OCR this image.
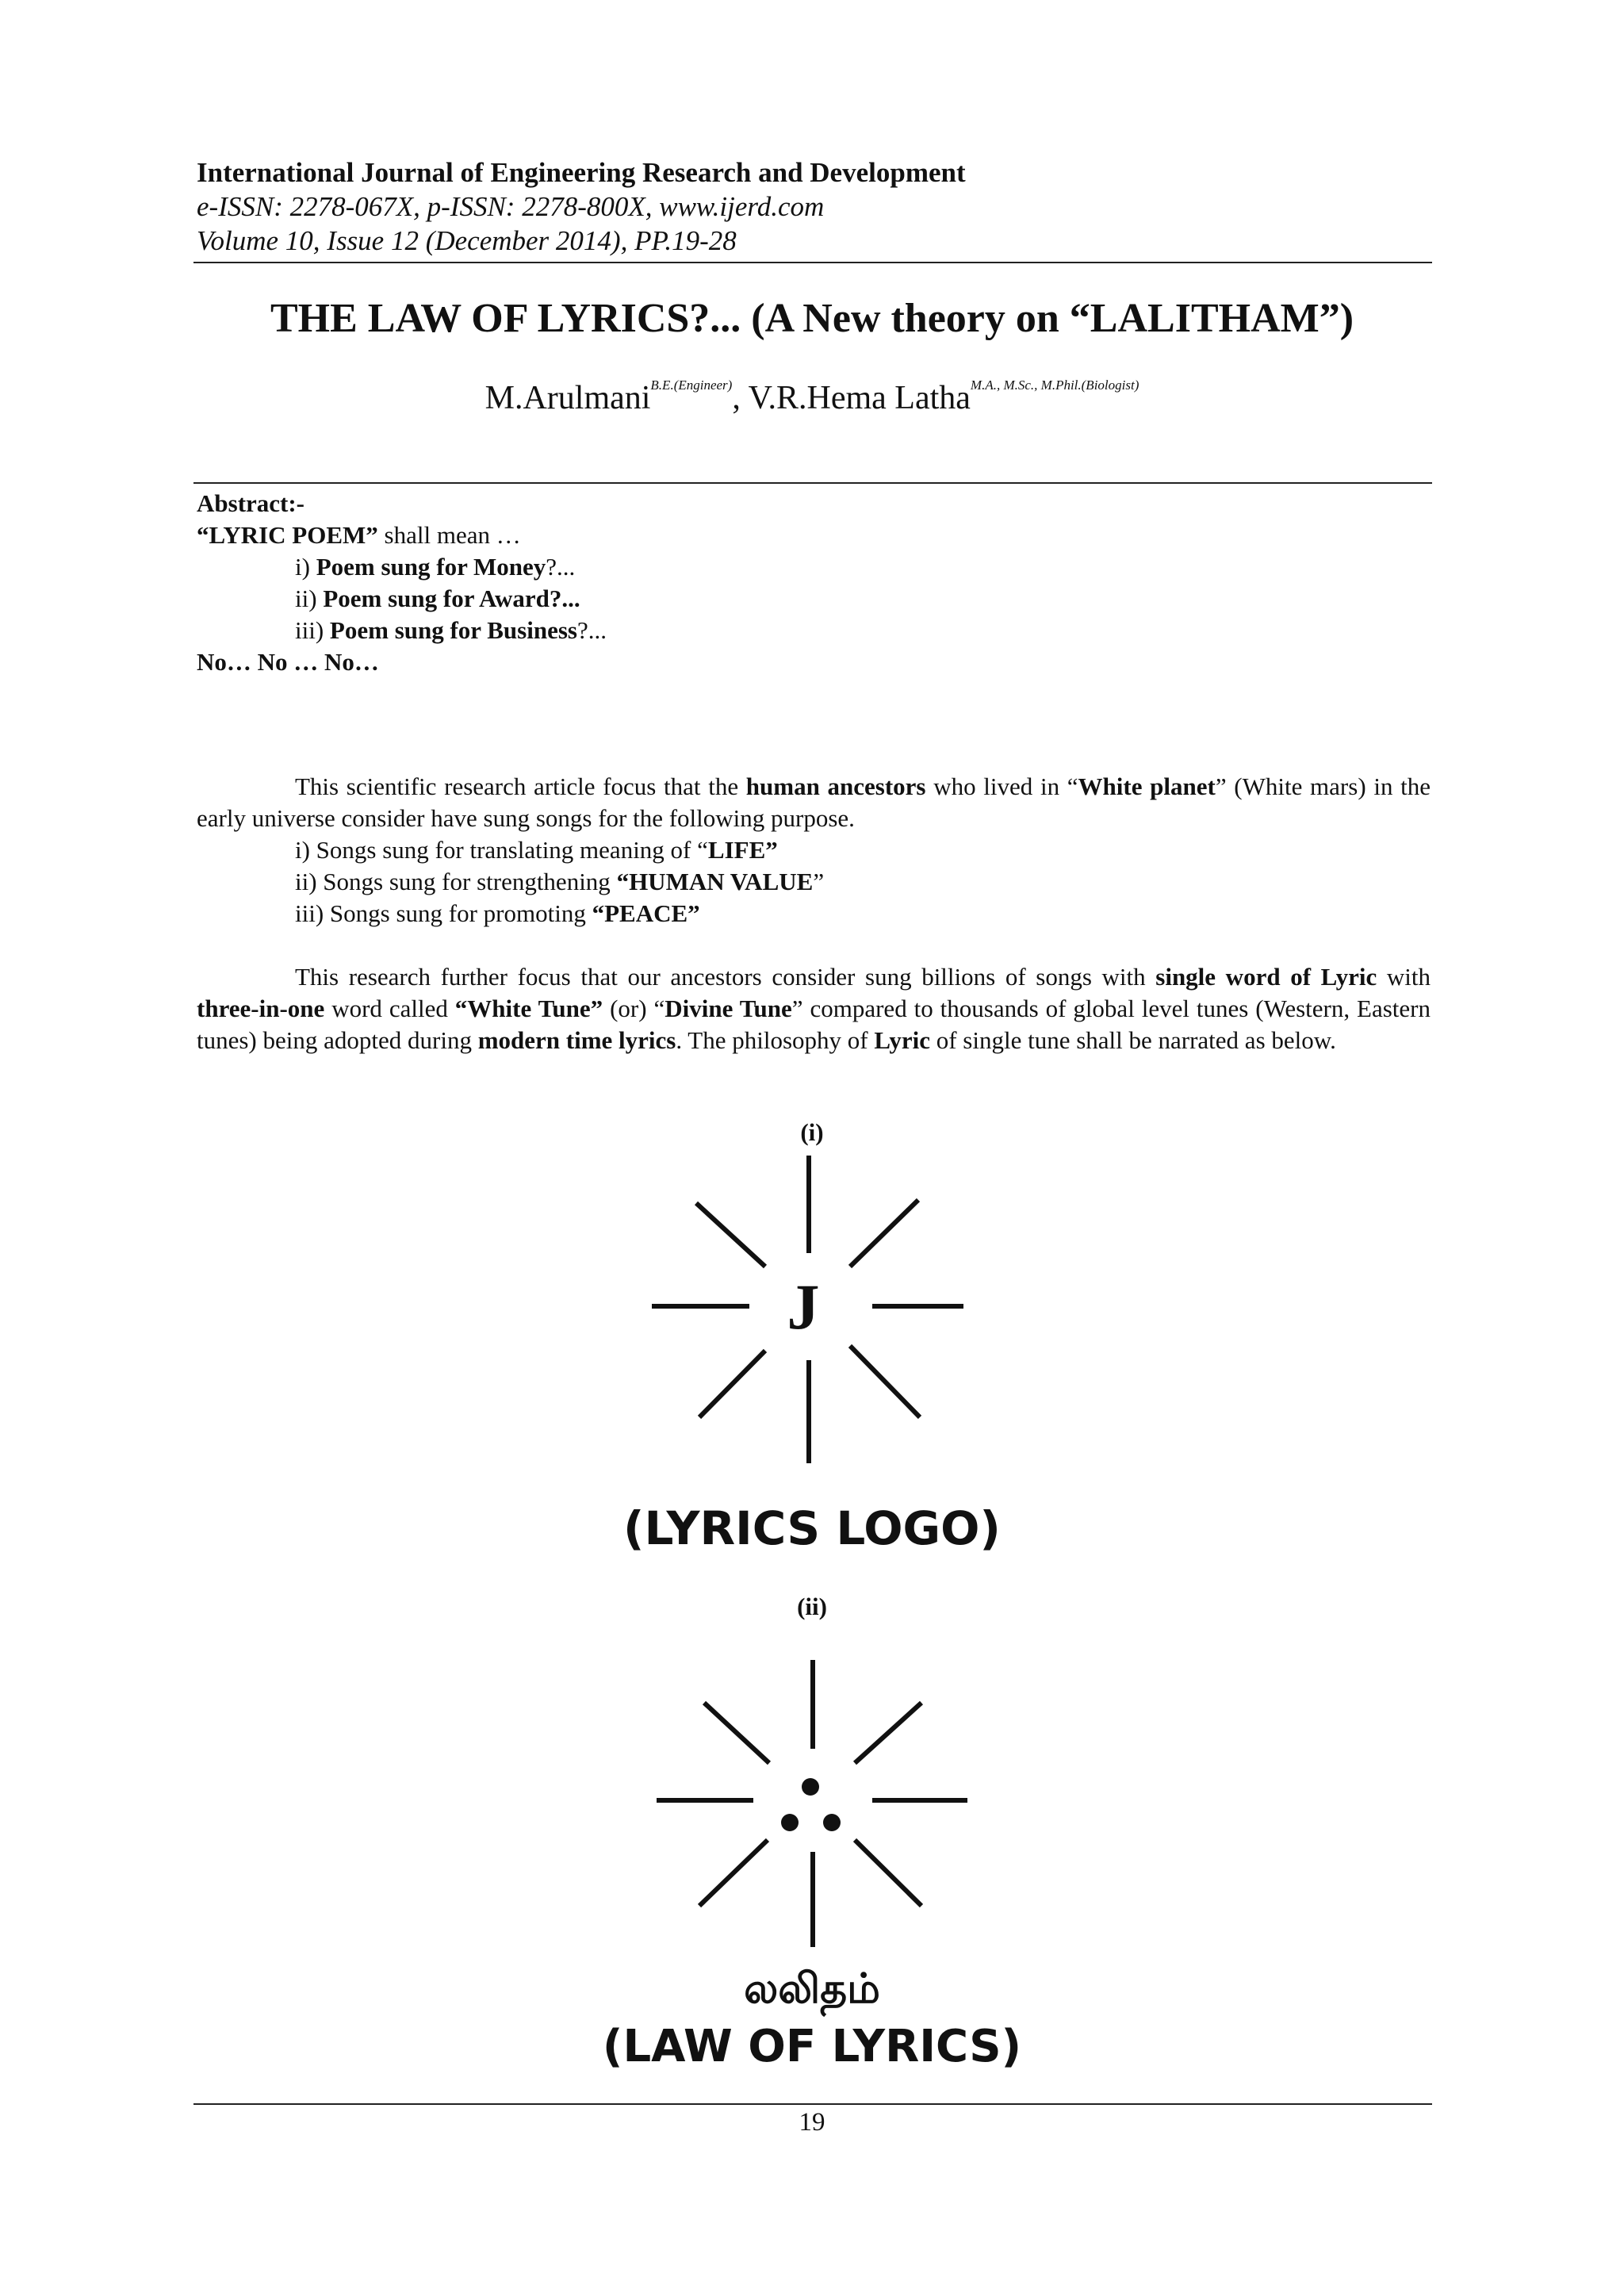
International Journal of Engineering Research and Development
e-ISSN: 2278-067X, p-ISSN: 2278-800X, www.ijerd.com
Volume 10, Issue 12 (December 2014), PP.19-28
THE LAW OF LYRICS?... (A New theory on “LALITHAM”)
M.Arulmani$^{B.E.(Engineer)}$, V.R.Hema Latha$^{M.A., M.Sc., M.Phil.(Biologist)}$
Abstract:-
“LYRIC POEM” shall mean …
i) Poem sung for Money?...
ii) Poem sung for Award?...
iii) Poem sung for Business?...
No… No … No…

This scientific research article focus that the human ancestors who lived in “White planet” (White mars) in the early universe consider have sung songs for the following purpose.

i) Songs sung for translating meaning of “LIFE”
ii) Songs sung for strengthening “HUMAN VALUE”
iii) Songs sung for promoting “PEACE”

This research further focus that our ancestors consider sung billions of songs with single word of Lyric with three-in-one word called “White Tune” (or) “Divine Tune” compared to thousands of global level tunes (Western, Eastern tunes) being adopted during modern time lyrics. The philosophy of Lyric of single tune shall be narrated as below.

(i)
J
(LYRICS LOGO)
(ii)
லலிதம்
(LAW OF LYRICS)
19
